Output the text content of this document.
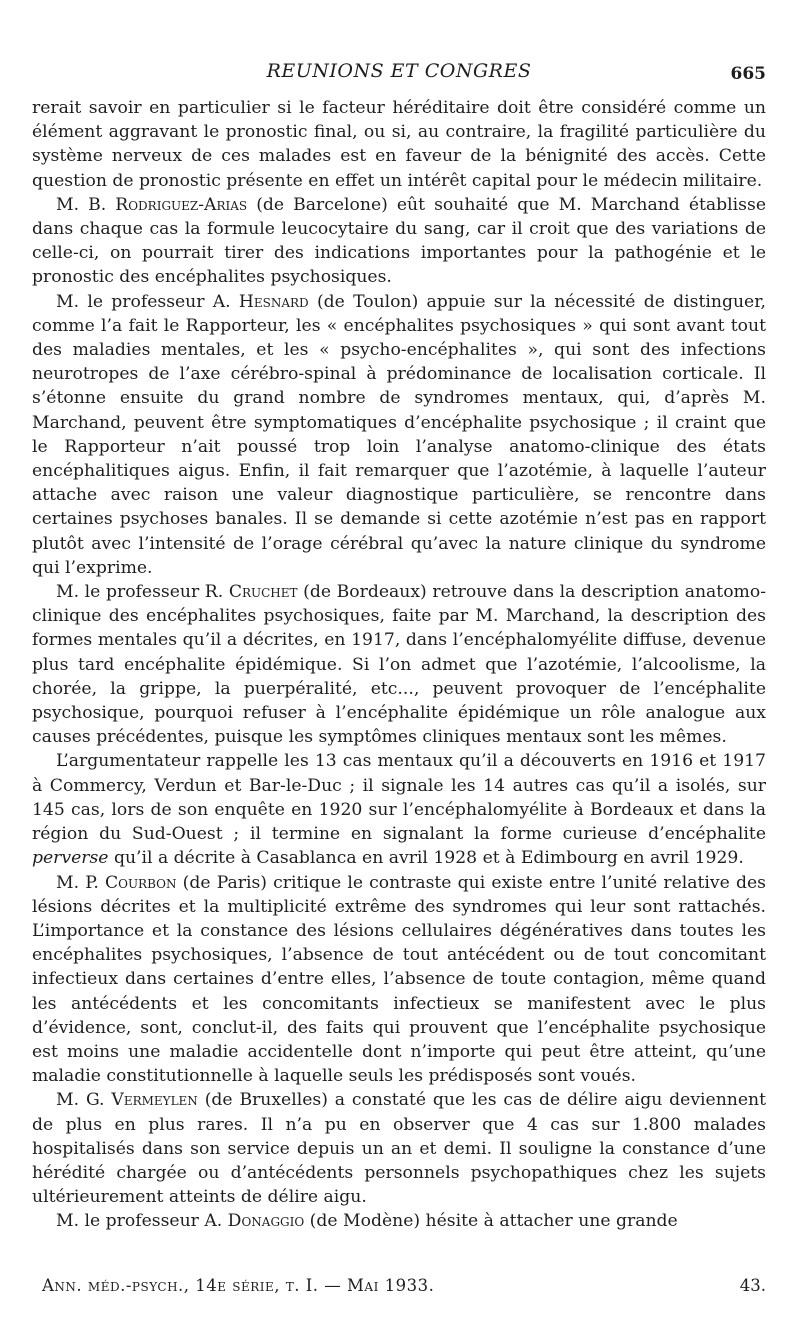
REUNIONS ET CONGRES	665

rerait savoir en particulier si le facteur héréditaire doit être considéré comme un élément aggravant le pronostic final, ou si, au contraire, la fragilité particulière du système nerveux de ces malades est en faveur de la bénignité des accès. Cette question de pronostic présente en effet un intérêt capital pour le médecin militaire.

M. B. Rodriguez-Arias (de Barcelone) eût souhaité que M. Marchand établisse dans chaque cas la formule leucocytaire du sang, car il croit que des variations de celle-ci, on pourrait tirer des indications importantes pour la pathogénie et le pronostic des encéphalites psychosiques.

M. le professeur A. Hesnard (de Toulon) appuie sur la nécessité de distinguer, comme l’a fait le Rapporteur, les « encéphalites psychosiques » qui sont avant tout des maladies mentales, et les « psycho-encéphalites », qui sont des infections neurotropes de l’axe cérébro-spinal à prédominance de localisation corticale. Il s’étonne ensuite du grand nombre de syndromes mentaux, qui, d’après M. Marchand, peuvent être symptomatiques d’encéphalite psychosique ; il craint que le Rapporteur n’ait poussé trop loin l’analyse anatomo-clinique des états encéphalitiques aigus. Enfin, il fait remarquer que l’azotémie, à laquelle l’auteur attache avec raison une valeur diagnostique particulière, se rencontre dans certaines psychoses banales. Il se demande si cette azotémie n’est pas en rapport plutôt avec l’intensité de l’orage cérébral qu’avec la nature clinique du syndrome qui l’exprime.

M. le professeur R. Cruchet (de Bordeaux) retrouve dans la description anatomo-clinique des encéphalites psychosiques, faite par M. Marchand, la description des formes mentales qu’il a décrites, en 1917, dans l’encéphalomyélite diffuse, devenue plus tard encéphalite épidémique. Si l’on admet que l’azotémie, l’alcoolisme, la chorée, la grippe, la puerpéralité, etc..., peuvent provoquer de l’encéphalite psychosique, pourquoi refuser à l’encéphalite épidémique un rôle analogue aux causes précédentes, puisque les symptômes cliniques mentaux sont les mêmes.

L’argumentateur rappelle les 13 cas mentaux qu’il a découverts en 1916 et 1917 à Commercy, Verdun et Bar-le-Duc ; il signale les 14 autres cas qu’il a isolés, sur 145 cas, lors de son enquête en 1920 sur l’encéphalomyélite à Bordeaux et dans la région du Sud-Ouest ; il termine en signalant la forme curieuse d’encéphalite perverse qu’il a décrite à Casablanca en avril 1928 et à Edimbourg en avril 1929.

M. P. Courbon (de Paris) critique le contraste qui existe entre l’unité relative des lésions décrites et la multiplicité extrême des syndromes qui leur sont rattachés. L’importance et la constance des lésions cellulaires dégénératives dans toutes les encéphalites psychosiques, l’absence de tout antécédent ou de tout concomitant infectieux dans certaines d’entre elles, l’absence de toute contagion, même quand les antécédents et les concomitants infectieux se manifestent avec le plus d’évidence, sont, conclut-il, des faits qui prouvent que l’encéphalite psychosique est moins une maladie accidentelle dont n’importe qui peut être atteint, qu’une maladie constitutionnelle à laquelle seuls les prédisposés sont voués.

M. G. Vermeylen (de Bruxelles) a constaté que les cas de délire aigu deviennent de plus en plus rares. Il n’a pu en observer que 4 cas sur 1.800 malades hospitalisés dans son service depuis un an et demi. Il souligne la constance d’une hérédité chargée ou d’antécédents personnels psychopathiques chez les sujets ultérieurement atteints de délire aigu.

M. le professeur A. Donaggio (de Modène) hésite à attacher une grande

Ann. méd.-psych., 14e série, t. I. — Mai 1933.	43.
